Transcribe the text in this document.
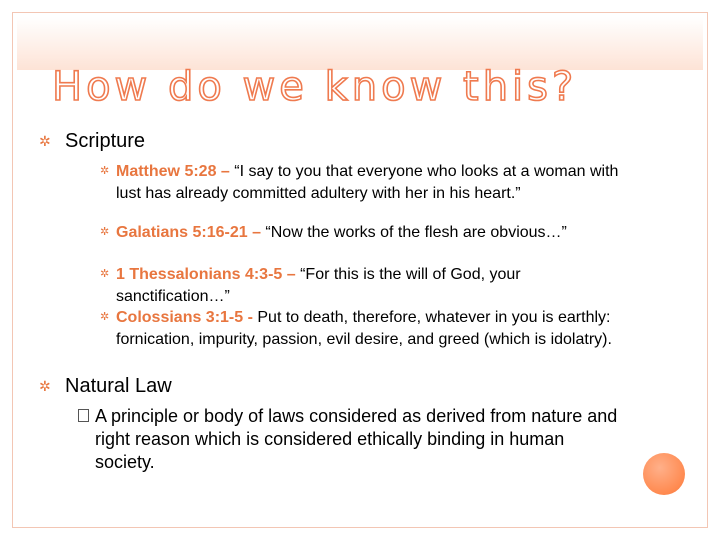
How do we know this?
✲ Scripture
✲ Matthew 5:28 – “I say to you that everyone who looks at a woman with lust has already committed adultery with her in his heart.”
✲ Galatians 5:16-21 – “Now the works of the flesh are obvious…”
✲ 1 Thessalonians 4:3-5 – “For this is the will of God, your sanctification…”
✲ Colossians 3:1-5 - Put to death, therefore, whatever in you is earthly: fornication, impurity, passion, evil desire, and greed (which is idolatry).
✲ Natural Law
A principle or body of laws considered as derived from nature and right reason which is considered ethically binding in human society.
